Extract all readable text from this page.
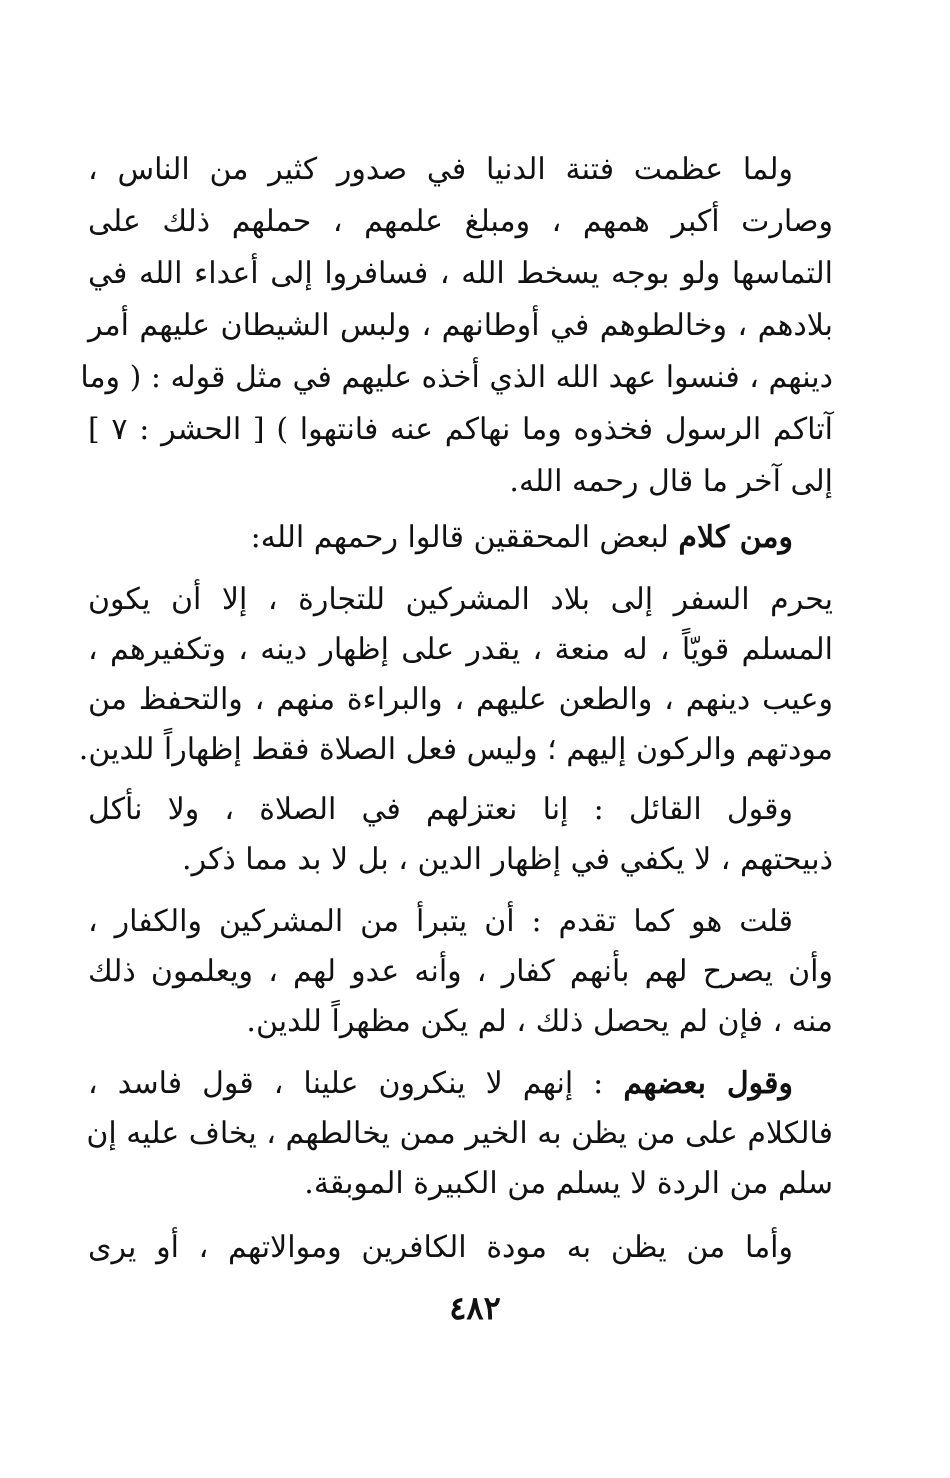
ولما عظمت فتنة الدنيا في صدور كثير من الناس ،
وصارت أكبر همهم ، ومبلغ علمهم ، حملهم ذلك على
التماسها ولو بوجه يسخط الله ، فسافروا إلى أعداء الله في
بلادهم ، وخالطوهم في أوطانهم ، ولبس الشيطان عليهم أمر
دينهم ، فنسوا عهد الله الذي أخذه عليهم في مثل قوله : ( وما
آتاكم الرسول فخذوه وما نهاكم عنه فانتهوا ) [ الحشر : ٧ ]
إلى آخر ما قال رحمه الله.
ومن كلام لبعض المحققين قالوا رحمهم الله:
يحرم السفر إلى بلاد المشركين للتجارة ، إلا أن يكون
المسلم قويّاً ، له منعة ، يقدر على إظهار دينه ، وتكفيرهم ،
وعيب دينهم ، والطعن عليهم ، والبراءة منهم ، والتحفظ من
مودتهم والركون إليهم ؛ وليس فعل الصلاة فقط إظهاراً للدين.
وقول القائل : إنا نعتزلهم في الصلاة ، ولا نأكل
ذبيحتهم ، لا يكفي في إظهار الدين ، بل لا بد مما ذكر.
قلت هو كما تقدم : أن يتبرأ من المشركين والكفار ،
وأن يصرح لهم بأنهم كفار ، وأنه عدو لهم ، ويعلمون ذلك
منه ، فإن لم يحصل ذلك ، لم يكن مظهراً للدين.
وقول بعضهم : إنهم لا ينكرون علينا ، قول فاسد ،
فالكلام على من يظن به الخير ممن يخالطهم ، يخاف عليه إن
سلم من الردة لا يسلم من الكبيرة الموبقة.
وأما من يظن به مودة الكافرين وموالاتهم ، أو يرى
٤٨٢
